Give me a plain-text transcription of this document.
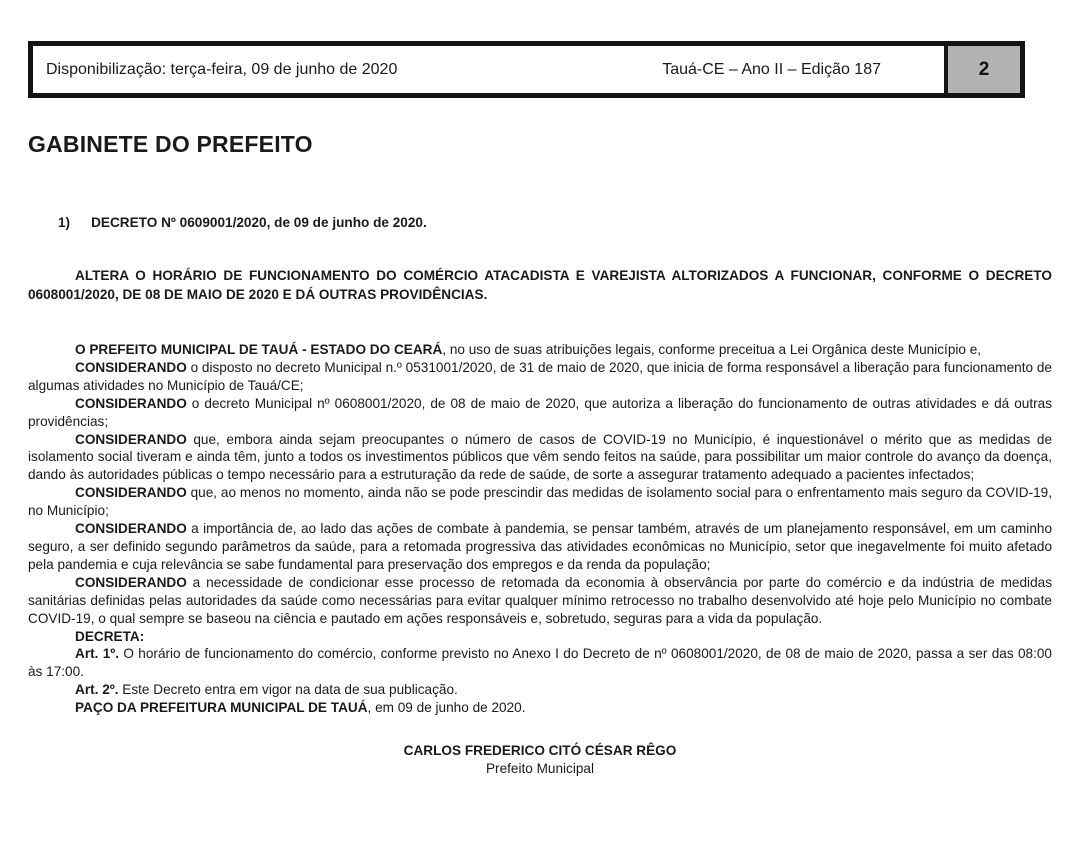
Disponibilização: terça-feira, 09 de junho de 2020	Tauá-CE – Ano II – Edição 187	2
GABINETE DO PREFEITO
1) DECRETO Nº 0609001/2020, de 09 de junho de 2020.

ALTERA O HORÁRIO DE FUNCIONAMENTO DO COMÉRCIO ATACADISTA E VAREJISTA ALTORIZADOS A FUNCIONAR, CONFORME O DECRETO 0608001/2020, DE 08 DE MAIO DE 2020 E DÁ OUTRAS PROVIDÊNCIAS.

O PREFEITO MUNICIPAL DE TAUÁ - ESTADO DO CEARÁ, no uso de suas atribuições legais, conforme preceitua a Lei Orgânica deste Município e,

CONSIDERANDO o disposto no decreto Municipal n.º 0531001/2020, de 31 de maio de 2020, que inicia de forma responsável a liberação para funcionamento de algumas atividades no Município de Tauá/CE;

CONSIDERANDO o decreto Municipal nº 0608001/2020, de 08 de maio de 2020, que autoriza a liberação do funcionamento de outras atividades e dá outras providências;

CONSIDERANDO que, embora ainda sejam preocupantes o número de casos de COVID-19 no Município, é inquestionável o mérito que as medidas de isolamento social tiveram e ainda têm, junto a todos os investimentos públicos que vêm sendo feitos na saúde, para possibilitar um maior controle do avanço da doença, dando às autoridades públicas o tempo necessário para a estruturação da rede de saúde, de sorte a assegurar tratamento adequado a pacientes infectados;

CONSIDERANDO que, ao menos no momento, ainda não se pode prescindir das medidas de isolamento social para o enfrentamento mais seguro da COVID-19, no Município;

CONSIDERANDO a importância de, ao lado das ações de combate à pandemia, se pensar também, através de um planejamento responsável, em um caminho seguro, a ser definido segundo parâmetros da saúde, para a retomada progressiva das atividades econômicas no Município, setor que inegavelmente foi muito afetado pela pandemia e cuja relevância se sabe fundamental para preservação dos empregos e da renda da população;

CONSIDERANDO a necessidade de condicionar esse processo de retomada da economia à observância por parte do comércio e da indústria de medidas sanitárias definidas pelas autoridades da saúde como necessárias para evitar qualquer mínimo retrocesso no trabalho desenvolvido até hoje pelo Município no combate COVID-19, o qual sempre se baseou na ciência e pautado em ações responsáveis e, sobretudo, seguras para a vida da população.

DECRETA:

Art. 1º. O horário de funcionamento do comércio, conforme previsto no Anexo I do Decreto de nº 0608001/2020, de 08 de maio de 2020, passa a ser das 08:00 às 17:00.

Art. 2º. Este Decreto entra em vigor na data de sua publicação.

PAÇO DA PREFEITURA MUNICIPAL DE TAUÁ, em 09 de junho de 2020.

CARLOS FREDERICO CITÓ CÉSAR RÊGO
Prefeito Municipal
